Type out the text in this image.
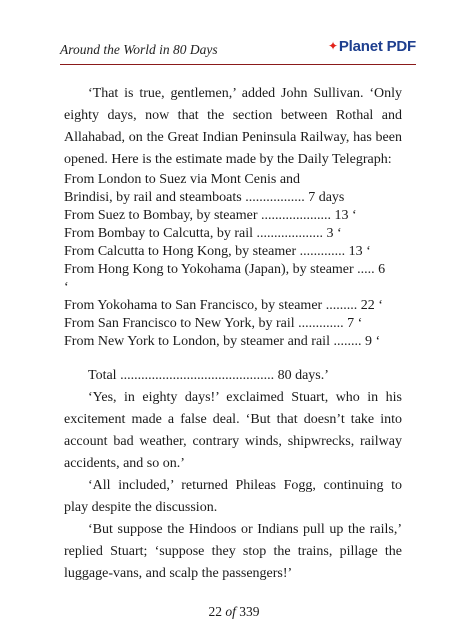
Around the World in 80 Days	✦Planet PDF

‘That is true, gentlemen,’ added John Sullivan. ‘Only eighty days, now that the section between Rothal and Allahabad, on the Great Indian Peninsula Railway, has been opened. Here is the estimate made by the Daily Telegraph:

From London to Suez via Mont Cenis and
Brindisi, by rail and steamboats ................. 7 days
From Suez to Bombay, by steamer .................... 13 ‘
From Bombay to Calcutta, by rail ................... 3 ‘
From Calcutta to Hong Kong, by steamer ............. 13 ‘
From Hong Kong to Yokohama (Japan), by steamer ..... 6
‘
From Yokohama to San Francisco, by steamer ......... 22 ‘
From San Francisco to New York, by rail ............. 7 ‘
From New York to London, by steamer and rail ........ 9 ‘

Total ............................................ 80 days.’

‘Yes, in eighty days!’ exclaimed Stuart, who in his excitement made a false deal. ‘But that doesn’t take into account bad weather, contrary winds, shipwrecks, railway accidents, and so on.’

‘All included,’ returned Phileas Fogg, continuing to play despite the discussion.

‘But suppose the Hindoos or Indians pull up the rails,’ replied Stuart; ‘suppose they stop the trains, pillage the luggage-vans, and scalp the passengers!’

22 of 339
